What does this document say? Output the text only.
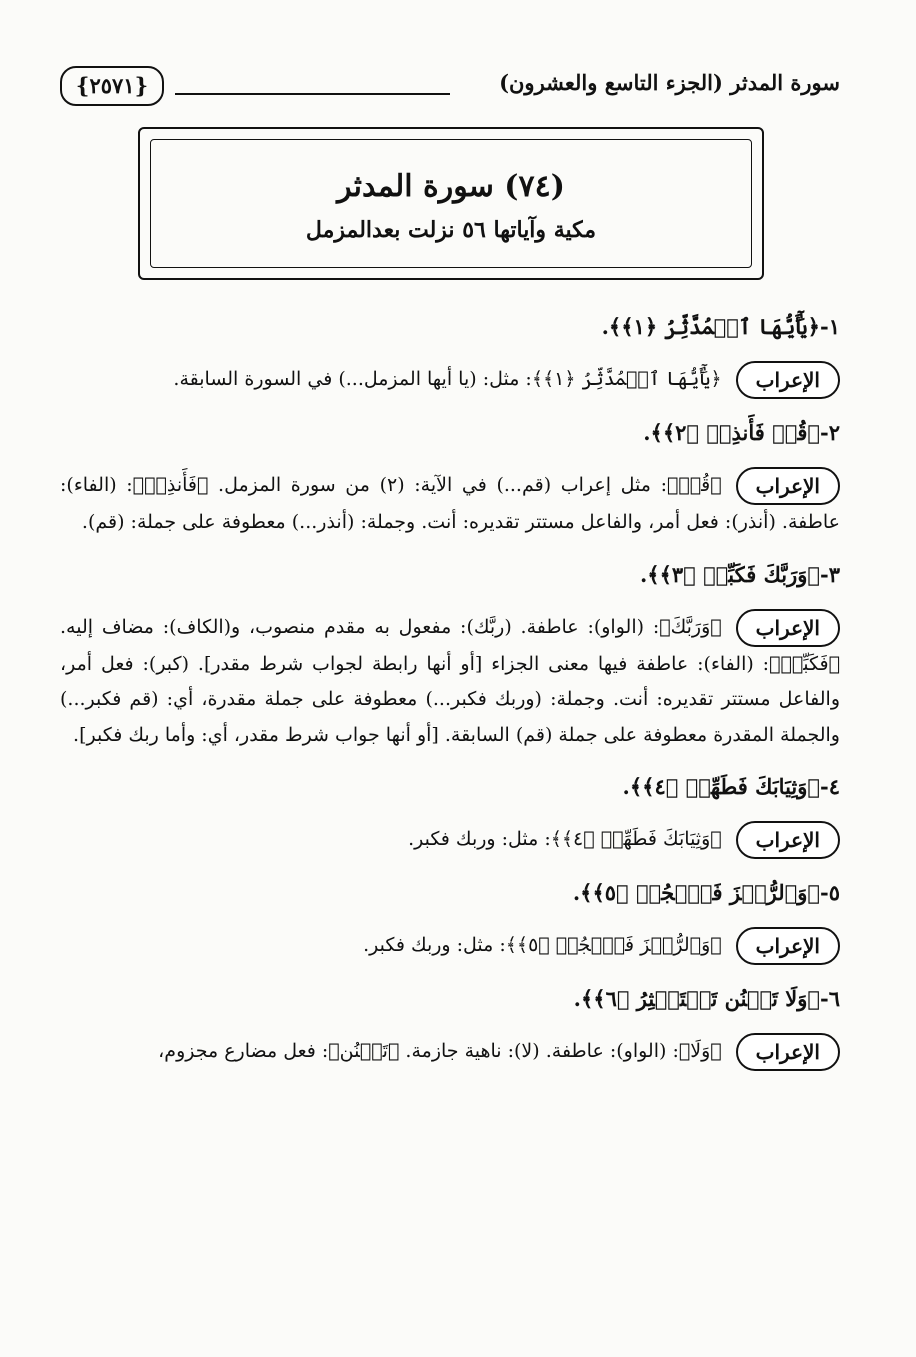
سورة المدثر (الجزء التاسع والعشرون)
{٢٥٧١}
(٧٤) سورة المدثر
مكية وآياتها ٥٦ نزلت بعدالمزمل
١-﴿يَٰٓأَيُّهَا ٱلۡمُدَّثِّرُ ﴿١﴾﴾.
الإعراب﴿يَٰٓأَيُّهَا ٱلۡمُدَّثِّرُ ﴿١﴾﴾: مثل: (يا أيها المزمل...) في السورة السابقة.
٢-﴿قُمۡ فَأَنذِرۡ ﴿٢﴾﴾.
الإعراب﴿قُمۡ﴾: مثل إعراب (قم...) في الآية: (٢) من سورة المزمل. ﴿فَأَنذِرۡ﴾: (الفاء): عاطفة. (أنذر): فعل أمر، والفاعل مستتر تقديره: أنت. وجملة: (أنذر...) معطوفة على جملة: (قم).
٣-﴿وَرَبَّكَ فَكَبِّرۡ ﴿٣﴾﴾.
الإعراب﴿وَرَبَّكَ﴾: (الواو): عاطفة. (ربَّك): مفعول به مقدم منصوب، و(الكاف): مضاف إليه. ﴿فَكَبِّرۡ﴾: (الفاء): عاطفة فيها معنى الجزاء [أو أنها رابطة لجواب شرط مقدر]. (كبر): فعل أمر، والفاعل مستتر تقديره: أنت. وجملة: (وربك فكبر...) معطوفة على جملة مقدرة، أي: (قم فكبر...) والجملة المقدرة معطوفة على جملة (قم) السابقة. [أو أنها جواب شرط مقدر، أي: وأما ربك فكبر].
٤-﴿وَثِيَابَكَ فَطَهِّرۡ ﴿٤﴾﴾.
الإعراب﴿وَثِيَابَكَ فَطَهِّرۡ ﴿٤﴾﴾: مثل: وربك فكبر.
٥-﴿وَٱلرُّجۡزَ فَٱهۡجُرۡ ﴿٥﴾﴾.
الإعراب﴿وَٱلرُّجۡزَ فَٱهۡجُرۡ ﴿٥﴾﴾: مثل: وربك فكبر.
٦-﴿وَلَا تَمۡنُن تَسۡتَكۡثِرُ ﴿٦﴾﴾.
الإعراب﴿وَلَا﴾: (الواو): عاطفة. (لا): ناهية جازمة. ﴿تَمۡنُن﴾: فعل مضارع مجزوم،
